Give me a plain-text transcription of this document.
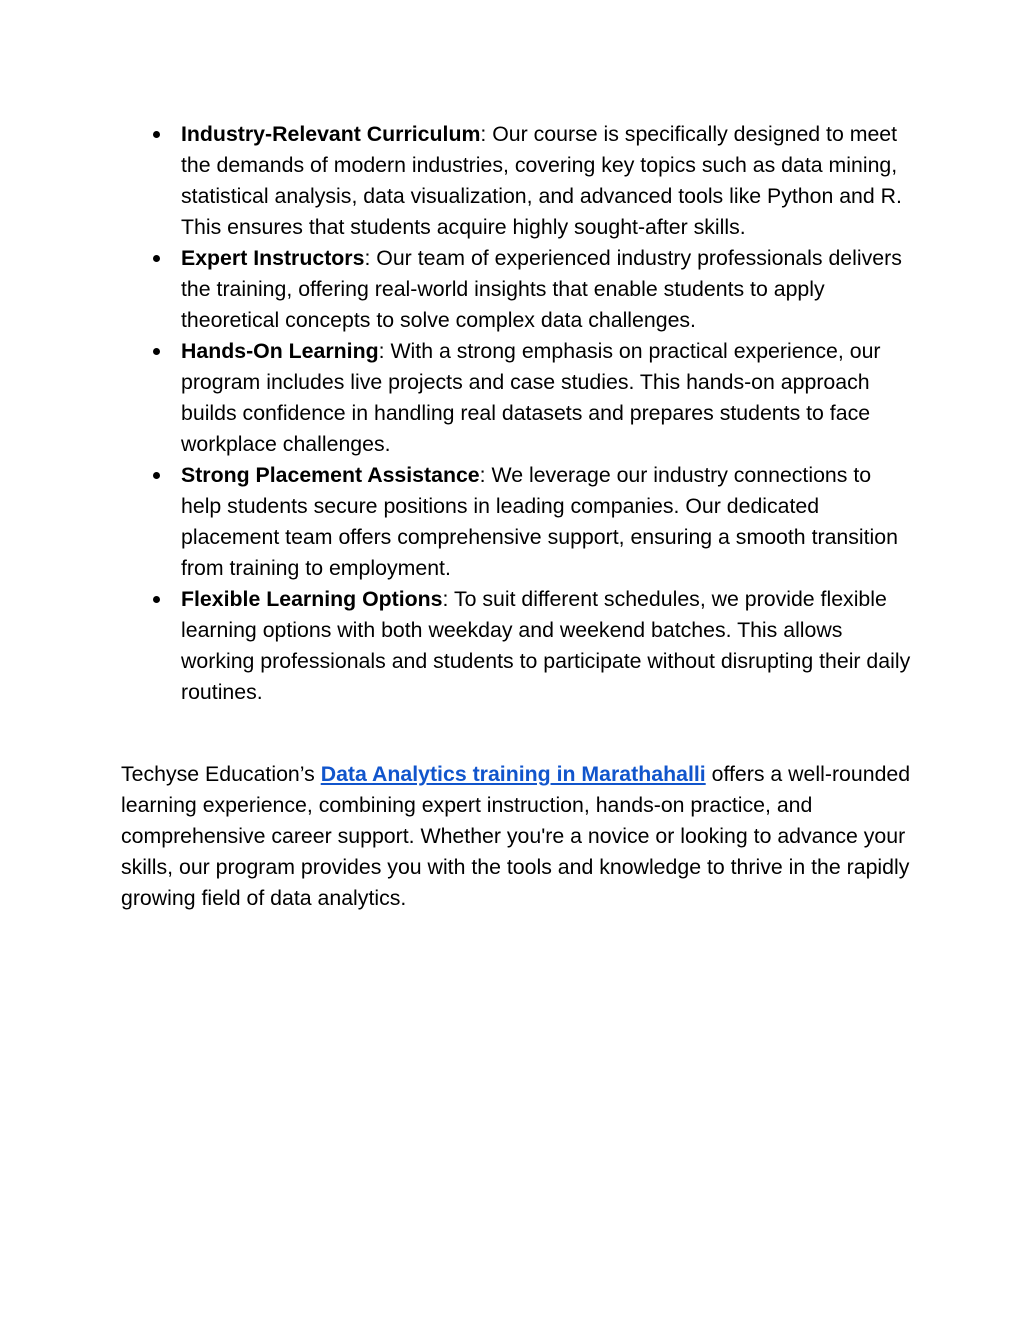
Industry-Relevant Curriculum: Our course is specifically designed to meet the demands of modern industries, covering key topics such as data mining, statistical analysis, data visualization, and advanced tools like Python and R. This ensures that students acquire highly sought-after skills.
Expert Instructors: Our team of experienced industry professionals delivers the training, offering real-world insights that enable students to apply theoretical concepts to solve complex data challenges.
Hands-On Learning: With a strong emphasis on practical experience, our program includes live projects and case studies. This hands-on approach builds confidence in handling real datasets and prepares students to face workplace challenges.
Strong Placement Assistance: We leverage our industry connections to help students secure positions in leading companies. Our dedicated placement team offers comprehensive support, ensuring a smooth transition from training to employment.
Flexible Learning Options: To suit different schedules, we provide flexible learning options with both weekday and weekend batches. This allows working professionals and students to participate without disrupting their daily routines.

Techyse Education’s Data Analytics training in Marathahalli offers a well-rounded learning experience, combining expert instruction, hands-on practice, and comprehensive career support. Whether you're a novice or looking to advance your skills, our program provides you with the tools and knowledge to thrive in the rapidly growing field of data analytics.
